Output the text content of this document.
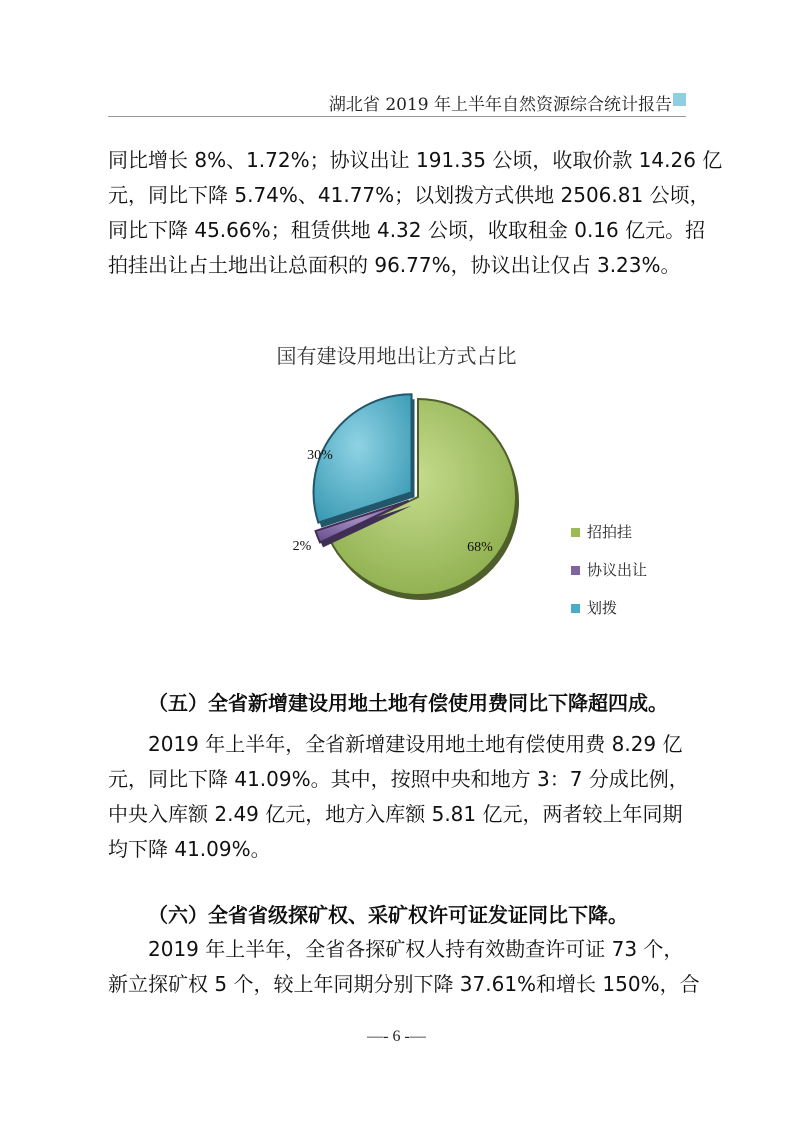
湖北省 2019 年上半年自然资源综合统计报告
同比增长 8%、1.72%；协议出让 191.35 公顷，收取价款 14.26 亿
元，同比下降 5.74%、41.77%；以划拨方式供地 2506.81 公顷，
同比下降 45.66%；租赁供地 4.32 公顷，收取租金 0.16 亿元。招
拍挂出让占土地出让总面积的 96.77%，协议出让仅占 3.23%。
国有建设用地出让方式占比
68%
2%
30%
招拍挂
协议出让
划拨
（五）全省新增建设用地土地有偿使用费同比下降超四成。
2019 年上半年，全省新增建设用地土地有偿使用费 8.29 亿
元，同比下降 41.09%。其中，按照中央和地方 3：7 分成比例，
中央入库额 2.49 亿元，地方入库额 5.81 亿元，两者较上年同期
均下降 41.09%。
（六）全省省级探矿权、采矿权许可证发证同比下降。
2019 年上半年，全省各探矿权人持有效勘查许可证 73 个，
新立探矿权 5 个，较上年同期分别下降 37.61%和增长 150%，合
—- 6 -—
